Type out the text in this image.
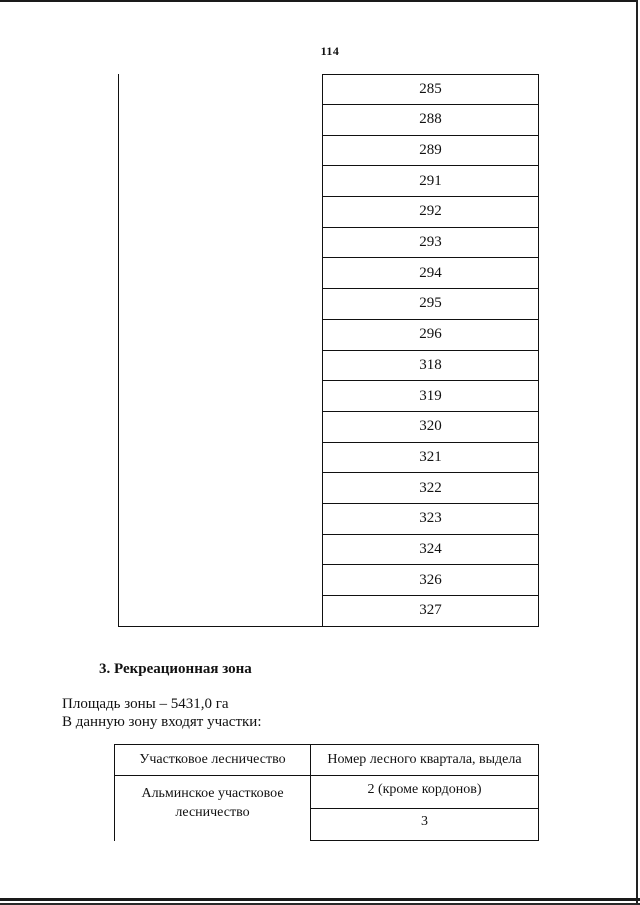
114
285
288
289
291
292
293
294
295
296
318
319
320
321
322
323
324
326
327
3. Рекреационная зона
Площадь зоны – 5431,0 га
В данную зону входят участки:
Участковое лесничество	Номер лесного квартала, выдела
Альминское участковое
лесничество
2 (кроме кордонов)
3
